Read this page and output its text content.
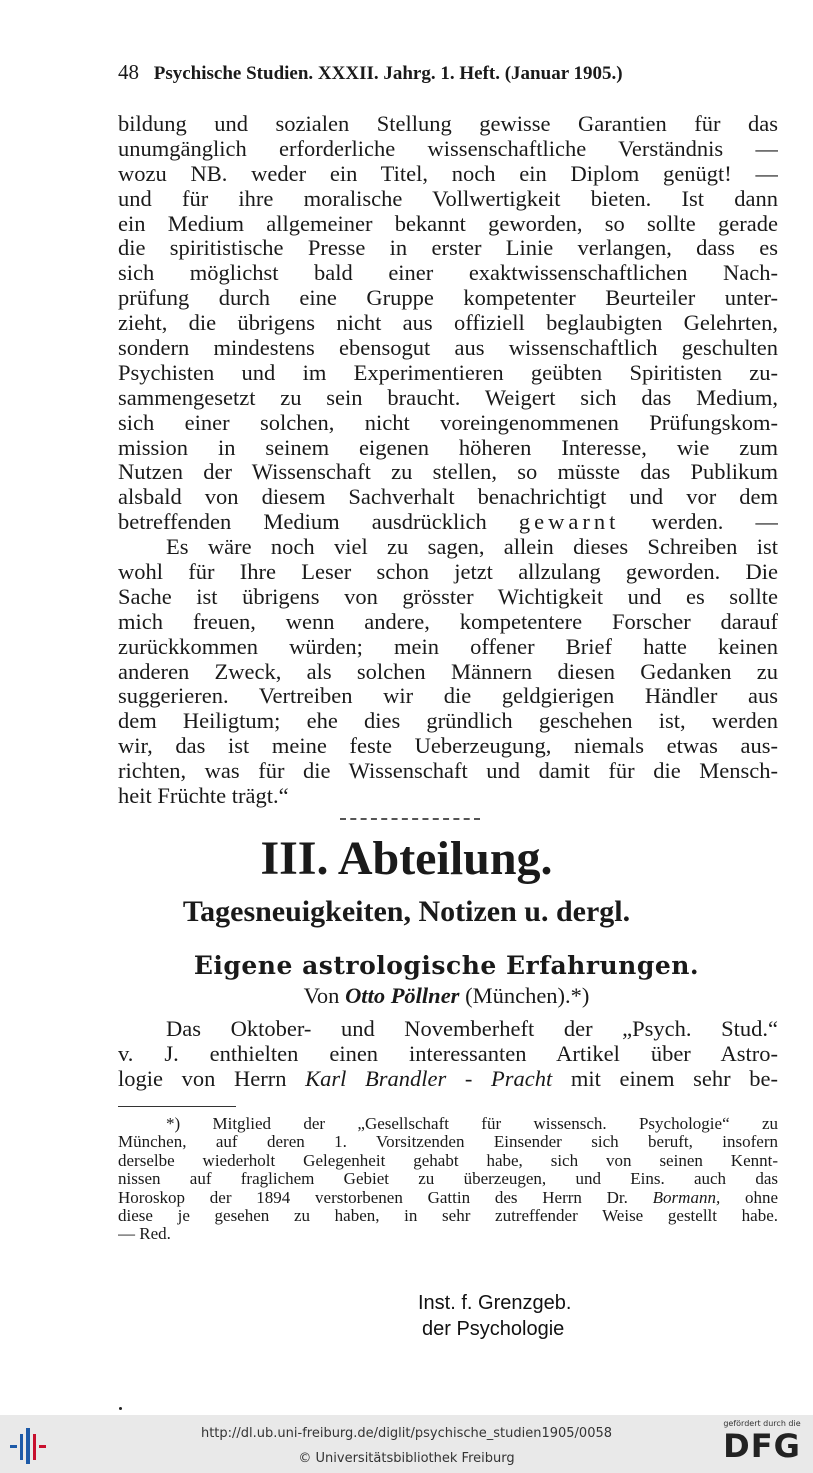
48 Psychische Studien. XXXII. Jahrg. 1. Heft. (Januar 1905.)
bildung und sozialen Stellung gewisse Garantien für das
unumgänglich erforderliche wissenschaftliche Verständnis —
wozu NB. weder ein Titel, noch ein Diplom genügt! —
und für ihre moralische Vollwertigkeit bieten. Ist dann
ein Medium allgemeiner bekannt geworden, so sollte gerade
die spiritistische Presse in erster Linie verlangen, dass es
sich möglichst bald einer exaktwissenschaftlichen Nach-
prüfung durch eine Gruppe kompetenter Beurteiler unter-
zieht, die übrigens nicht aus offiziell beglaubigten Gelehrten,
sondern mindestens ebensogut aus wissenschaftlich geschulten
Psychisten und im Experimentieren geübten Spiritisten zu-
sammengesetzt zu sein braucht. Weigert sich das Medium,
sich einer solchen, nicht voreingenommenen Prüfungskom-
mission in seinem eigenen höheren Interesse, wie zum
Nutzen der Wissenschaft zu stellen, so müsste das Publikum
alsbald von diesem Sachverhalt benachrichtigt und vor dem
betreffenden Medium ausdrücklich gewarnt werden. —
Es wäre noch viel zu sagen, allein dieses Schreiben ist
wohl für Ihre Leser schon jetzt allzulang geworden. Die
Sache ist übrigens von grösster Wichtigkeit und es sollte
mich freuen, wenn andere, kompetentere Forscher darauf
zurückkommen würden; mein offener Brief hatte keinen
anderen Zweck, als solchen Männern diesen Gedanken zu
suggerieren. Vertreiben wir die geldgierigen Händler aus
dem Heiligtum; ehe dies gründlich geschehen ist, werden
wir, das ist meine feste Ueberzeugung, niemals etwas aus-
richten, was für die Wissenschaft und damit für die Mensch-
heit Früchte trägt.“
III. Abteilung.
Tagesneuigkeiten, Notizen u. dergl.
Eigene astrologische Erfahrungen.
Von Otto Pöllner (München).*)
Das Oktober- und Novemberheft der „Psych. Stud.“
v. J. enthielten einen interessanten Artikel über Astro-
logie von Herrn Karl Brandler - Pracht mit einem sehr be-
*) Mitglied der „Gesellschaft für wissensch. Psychologie“ zu
München, auf deren 1. Vorsitzenden Einsender sich beruft, insofern
derselbe wiederholt Gelegenheit gehabt habe, sich von seinen Kennt-
nissen auf fraglichem Gebiet zu überzeugen, und Eins. auch das
Horoskop der 1894 verstorbenen Gattin des Herrn Dr. Bormann, ohne
diese je gesehen zu haben, in sehr zutreffender Weise gestellt habe.
— Red.
Inst. f. Grenzgeb.
der Psychologie
http://dl.ub.uni-freiburg.de/diglit/psychische_studien1905/0058
© Universitätsbibliothek Freiburg
gefördert durch die
DFG
